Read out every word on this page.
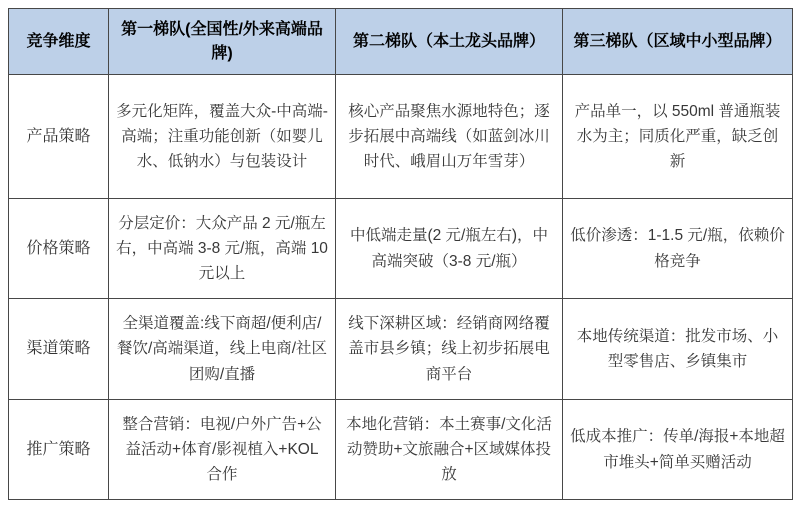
竞争维度	第一梯队(全国性/外来高端品牌)	第二梯队（本土龙头品牌）	第三梯队（区域中小型品牌）
产品策略	多元化矩阵，覆盖大众-中高端-高端；注重功能创新（如婴儿水、低钠水）与包装设计	核心产品聚焦水源地特色；逐步拓展中高端线（如蓝剑冰川时代、峨眉山万年雪芽）	产品单一，以 550ml 普通瓶装水为主；同质化严重，缺乏创新
价格策略	分层定价：大众产品 2 元/瓶左右，中高端 3-8 元/瓶，高端 10 元以上	中低端走量(2 元/瓶左右)，中高端突破（3-8 元/瓶）	低价渗透：1-1.5 元/瓶，依赖价格竞争
渠道策略	全渠道覆盖:线下商超/便利店/餐饮/高端渠道，线上电商/社区团购/直播	线下深耕区域：经销商网络覆盖市县乡镇；线上初步拓展电商平台	本地传统渠道：批发市场、小型零售店、乡镇集市
推广策略	整合营销：电视/户外广告+公益活动+体育/影视植入+KOL 合作	本地化营销：本土赛事/文化活动赞助+文旅融合+区域媒体投放	低成本推广：传单/海报+本地超市堆头+简单买赠活动
